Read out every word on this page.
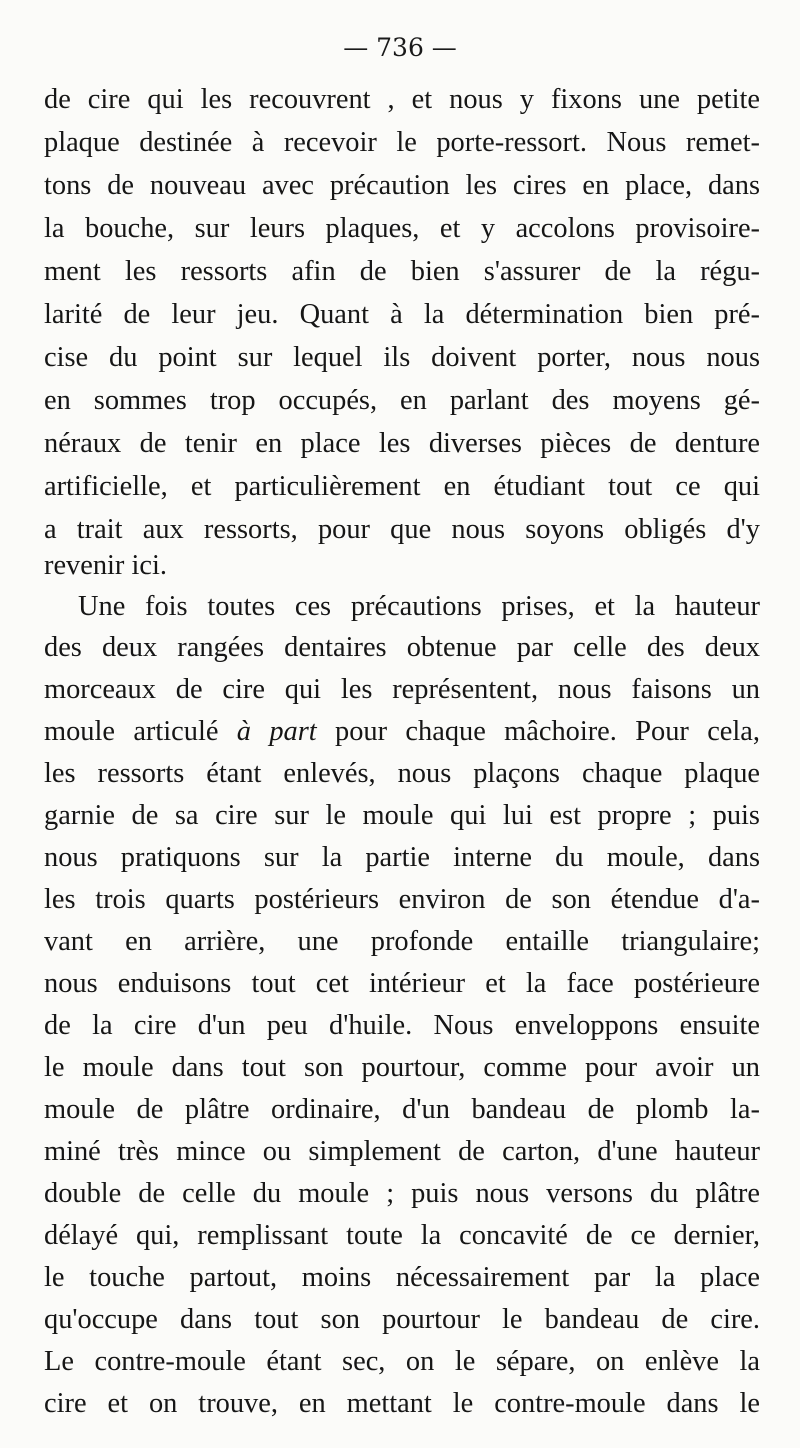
— 736 —
de cire qui les recouvrent , et nous y fixons une petite
plaque destinée à recevoir le porte-ressort. Nous remet-
tons de nouveau avec précaution les cires en place, dans
la bouche, sur leurs plaques, et y accolons provisoire-
ment les ressorts afin de bien s'assurer de la régu-
larité de leur jeu. Quant à la détermination bien pré-
cise du point sur lequel ils doivent porter, nous nous
en sommes trop occupés, en parlant des moyens gé-
néraux de tenir en place les diverses pièces de denture
artificielle, et particulièrement en étudiant tout ce qui
a trait aux ressorts, pour que nous soyons obligés d'y
revenir ici.
Une fois toutes ces précautions prises, et la hauteur
des deux rangées dentaires obtenue par celle des deux
morceaux de cire qui les représentent, nous faisons un
moule articulé à part pour chaque mâchoire. Pour cela,
les ressorts étant enlevés, nous plaçons chaque plaque
garnie de sa cire sur le moule qui lui est propre ; puis
nous pratiquons sur la partie interne du moule, dans
les trois quarts postérieurs environ de son étendue d'a-
vant en arrière, une profonde entaille triangulaire;
nous enduisons tout cet intérieur et la face postérieure
de la cire d'un peu d'huile. Nous enveloppons ensuite
le moule dans tout son pourtour, comme pour avoir un
moule de plâtre ordinaire, d'un bandeau de plomb la-
miné très mince ou simplement de carton, d'une hauteur
double de celle du moule ; puis nous versons du plâtre
délayé qui, remplissant toute la concavité de ce dernier,
le touche partout, moins nécessairement par la place
qu'occupe dans tout son pourtour le bandeau de cire.
Le contre-moule étant sec, on le sépare, on enlève la
cire et on trouve, en mettant le contre-moule dans le
